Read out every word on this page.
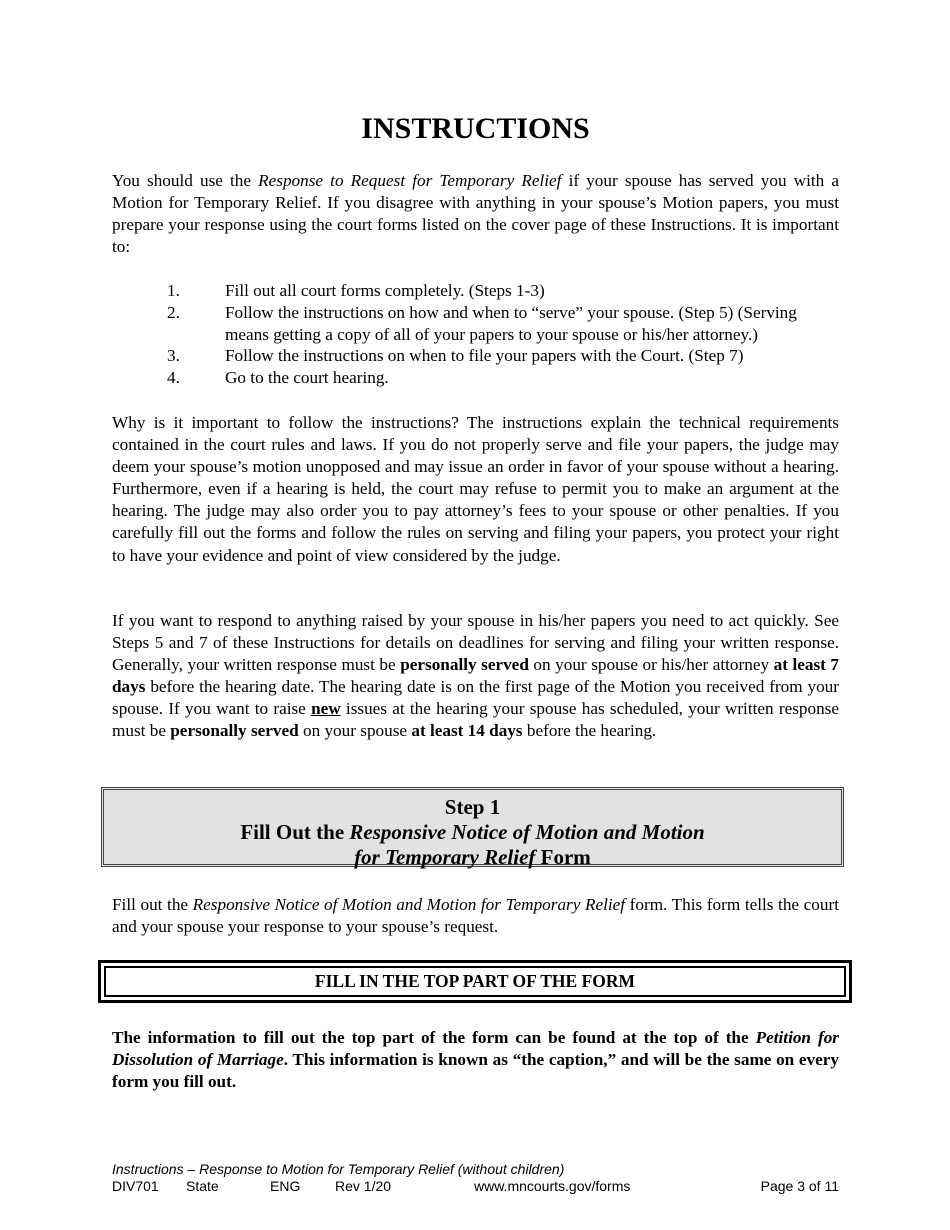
INSTRUCTIONS

You should use the Response to Request for Temporary Relief if your spouse has served you with a Motion for Temporary Relief. If you disagree with anything in your spouse’s Motion papers, you must prepare your response using the court forms listed on the cover page of these Instructions. It is important to:

1.	Fill out all court forms completely. (Steps 1-3)
2.	Follow the instructions on how and when to “serve” your spouse. (Step 5) (Serving means getting a copy of all of your papers to your spouse or his/her attorney.)
3.	Follow the instructions on when to file your papers with the Court. (Step 7)
4.	Go to the court hearing.

Why is it important to follow the instructions? The instructions explain the technical requirements contained in the court rules and laws. If you do not properly serve and file your papers, the judge may deem your spouse’s motion unopposed and may issue an order in favor of your spouse without a hearing. Furthermore, even if a hearing is held, the court may refuse to permit you to make an argument at the hearing. The judge may also order you to pay attorney’s fees to your spouse or other penalties. If you carefully fill out the forms and follow the rules on serving and filing your papers, you protect your right to have your evidence and point of view considered by the judge.

If you want to respond to anything raised by your spouse in his/her papers you need to act quickly. See Steps 5 and 7 of these Instructions for details on deadlines for serving and filing your written response. Generally, your written response must be personally served on your spouse or his/her attorney at least 7 days before the hearing date. The hearing date is on the first page of the Motion you received from your spouse. If you want to raise new issues at the hearing your spouse has scheduled, your written response must be personally served on your spouse at least 14 days before the hearing.

Step 1
Fill Out the Responsive Notice of Motion and Motion
for Temporary Relief Form

Fill out the Responsive Notice of Motion and Motion for Temporary Relief form. This form tells the court and your spouse your response to your spouse’s request.

FILL IN THE TOP PART OF THE FORM

The information to fill out the top part of the form can be found at the top of the Petition for Dissolution of Marriage. This information is known as “the caption,” and will be the same on every form you fill out.

Instructions – Response to Motion for Temporary Relief (without children)
DIV701 State	ENG Rev 1/20	www.mncourts.gov/forms	Page 3 of 11
